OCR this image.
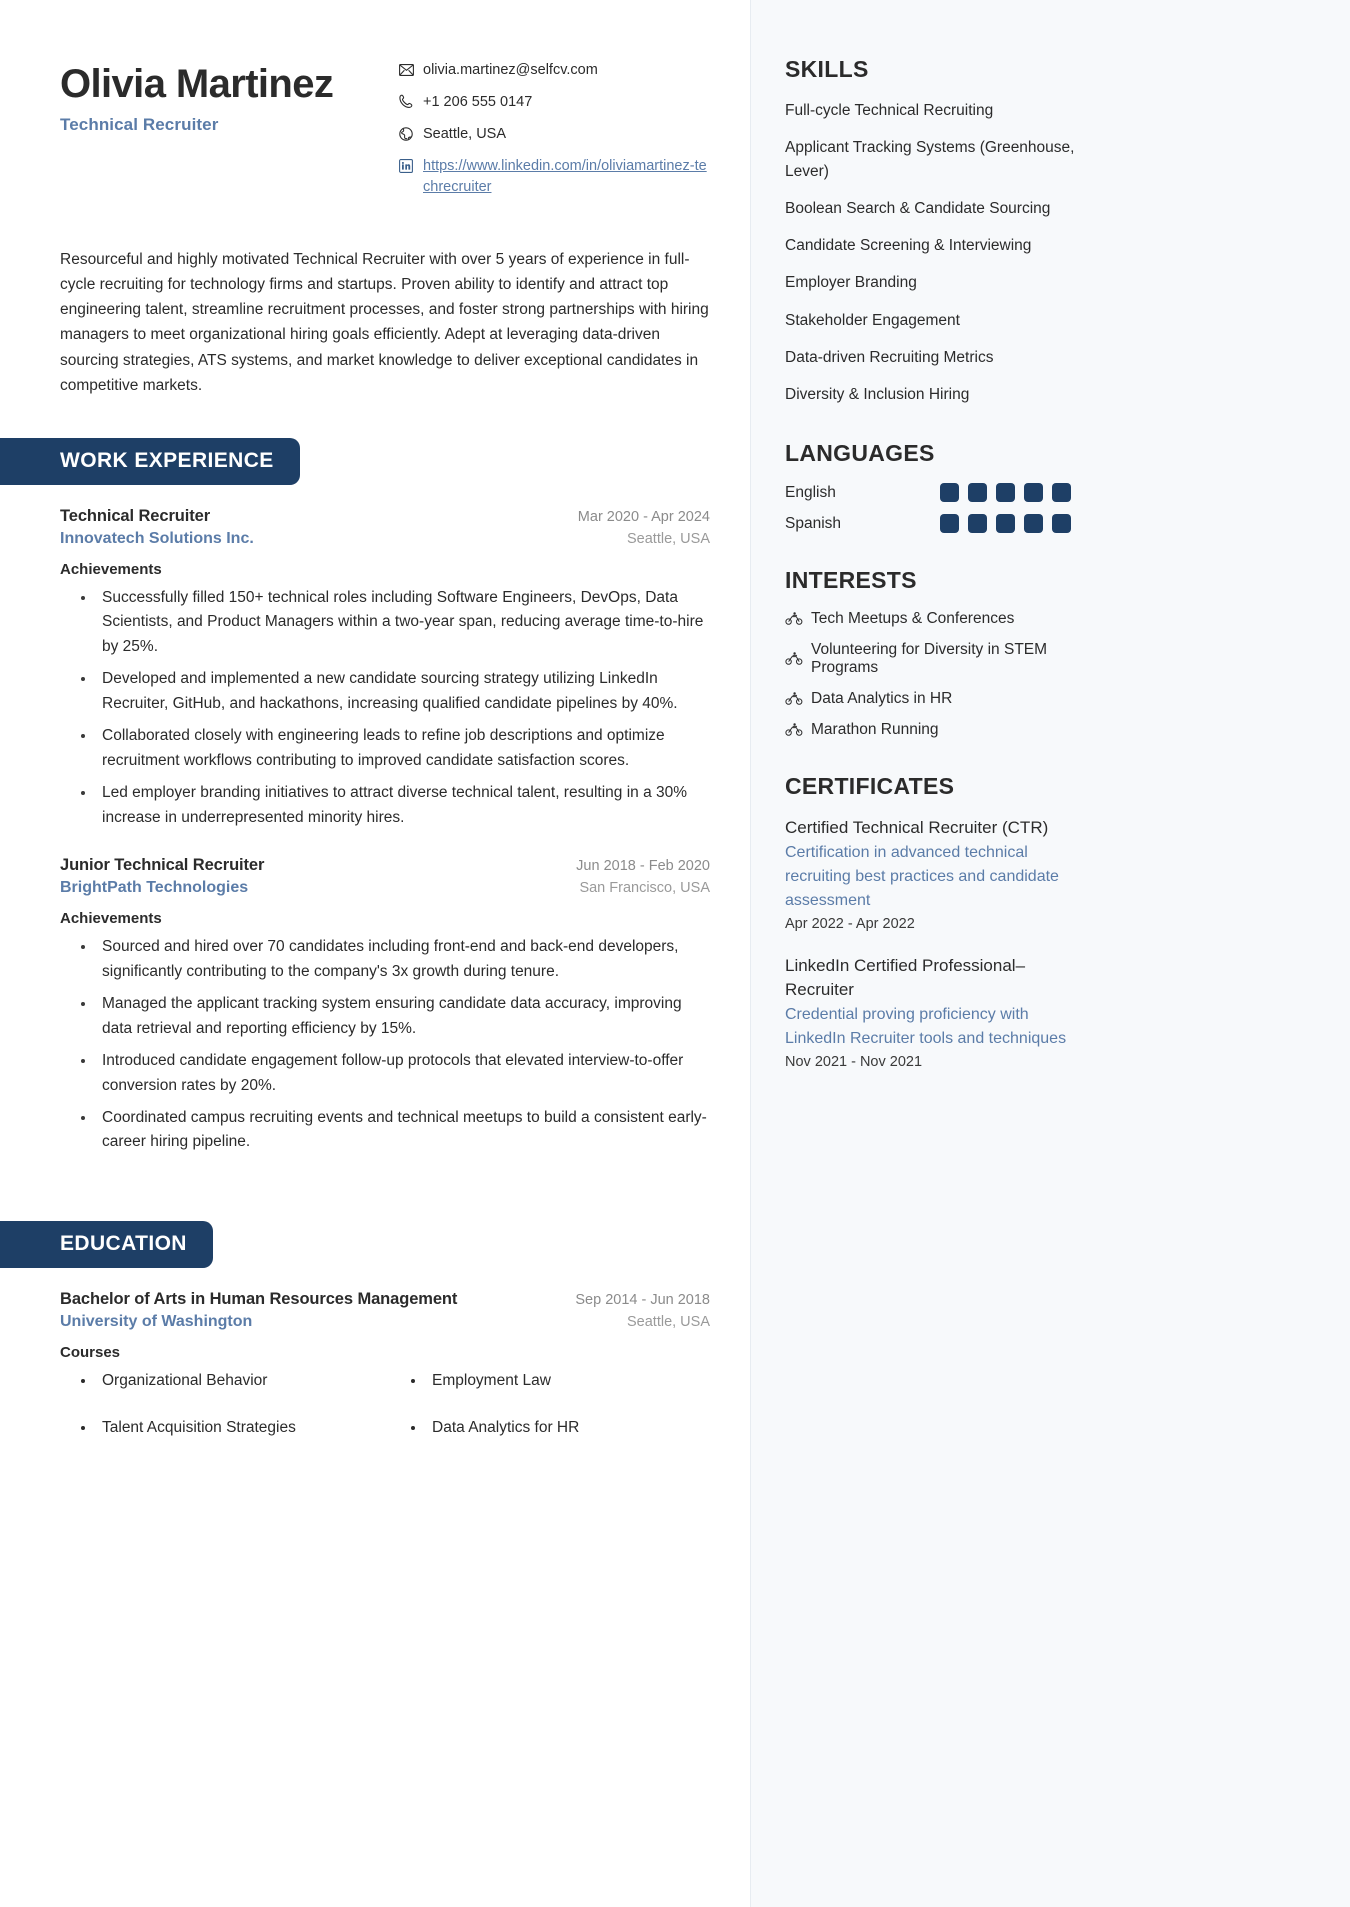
Olivia Martinez
Technical Recruiter
olivia.martinez@selfcv.com
+1 206 555 0147
Seattle, USA
https://www.linkedin.com/in/oliviamartinez-techrecruiter
Resourceful and highly motivated Technical Recruiter with over 5 years of experience in full-cycle recruiting for technology firms and startups. Proven ability to identify and attract top engineering talent, streamline recruitment processes, and foster strong partnerships with hiring managers to meet organizational hiring goals efficiently. Adept at leveraging data-driven sourcing strategies, ATS systems, and market knowledge to deliver exceptional candidates in competitive markets.
WORK EXPERIENCE
Technical Recruiter
Innovatech Solutions Inc.
Mar 2020 - Apr 2024
Seattle, USA
Achievements
• Successfully filled 150+ technical roles including Software Engineers, DevOps, Data Scientists, and Product Managers within a two-year span, reducing average time-to-hire by 25%.
• Developed and implemented a new candidate sourcing strategy utilizing LinkedIn Recruiter, GitHub, and hackathons, increasing qualified candidate pipelines by 40%.
• Collaborated closely with engineering leads to refine job descriptions and optimize recruitment workflows contributing to improved candidate satisfaction scores.
• Led employer branding initiatives to attract diverse technical talent, resulting in a 30% increase in underrepresented minority hires.
Junior Technical Recruiter
BrightPath Technologies
Jun 2018 - Feb 2020
San Francisco, USA
Achievements
• Sourced and hired over 70 candidates including front-end and back-end developers, significantly contributing to the company's 3x growth during tenure.
• Managed the applicant tracking system ensuring candidate data accuracy, improving data retrieval and reporting efficiency by 15%.
• Introduced candidate engagement follow-up protocols that elevated interview-to-offer conversion rates by 20%.
• Coordinated campus recruiting events and technical meetups to build a consistent early-career hiring pipeline.
EDUCATION
Bachelor of Arts in Human Resources Management
University of Washington
Sep 2014 - Jun 2018
Seattle, USA
Courses
• Organizational Behavior
• Talent Acquisition Strategies
• Employment Law
• Data Analytics for HR
SKILLS
Full-cycle Technical Recruiting
Applicant Tracking Systems (Greenhouse, Lever)
Boolean Search & Candidate Sourcing
Candidate Screening & Interviewing
Employer Branding
Stakeholder Engagement
Data-driven Recruiting Metrics
Diversity & Inclusion Hiring
LANGUAGES
English
Spanish
INTERESTS
Tech Meetups & Conferences
Volunteering for Diversity in STEM Programs
Data Analytics in HR
Marathon Running
CERTIFICATES
Certified Technical Recruiter (CTR)
Certification in advanced technical recruiting best practices and candidate assessment
Apr 2022 - Apr 2022
LinkedIn Certified Professional–Recruiter
Credential proving proficiency with LinkedIn Recruiter tools and techniques
Nov 2021 - Nov 2021
